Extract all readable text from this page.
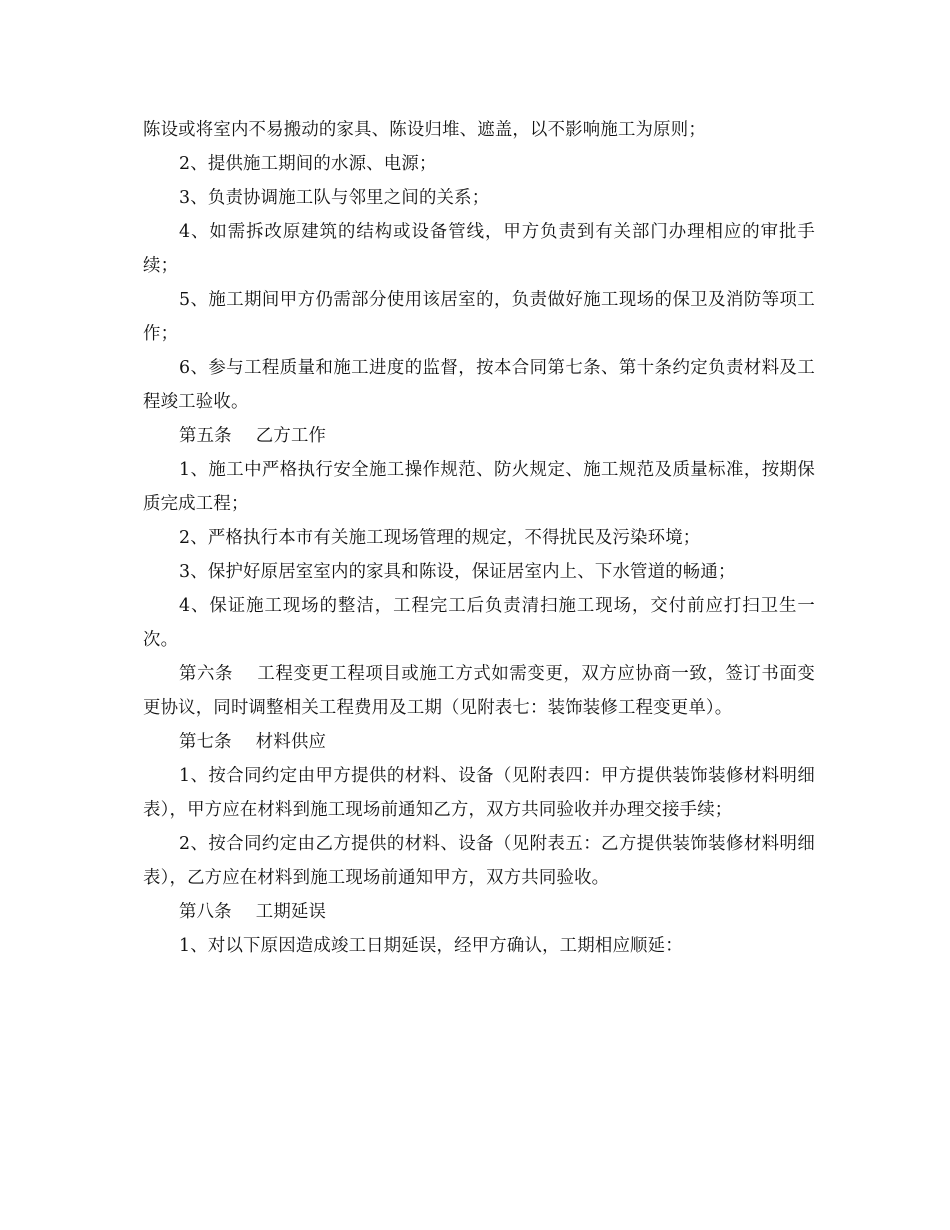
陈设或将室内不易搬动的家具、陈设归堆、遮盖，以不影响施工为原则；

2、提供施工期间的水源、电源；

3、负责协调施工队与邻里之间的关系；

4、如需拆改原建筑的结构或设备管线，甲方负责到有关部门办理相应的审批手续；

5、施工期间甲方仍需部分使用该居室的，负责做好施工现场的保卫及消防等项工作；

6、参与工程质量和施工进度的监督，按本合同第七条、第十条约定负责材料及工程竣工验收。

第五条 乙方工作

1、施工中严格执行安全施工操作规范、防火规定、施工规范及质量标准，按期保质完成工程；

2、严格执行本市有关施工现场管理的规定，不得扰民及污染环境；

3、保护好原居室室内的家具和陈设，保证居室内上、下水管道的畅通；

4、保证施工现场的整洁，工程完工后负责清扫施工现场，交付前应打扫卫生一次。

第六条 工程变更工程项目或施工方式如需变更，双方应协商一致，签订书面变更协议，同时调整相关工程费用及工期（见附表七：装饰装修工程变更单）。

第七条 材料供应

1、按合同约定由甲方提供的材料、设备（见附表四：甲方提供装饰装修材料明细表），甲方应在材料到施工现场前通知乙方，双方共同验收并办理交接手续；

2、按合同约定由乙方提供的材料、设备（见附表五：乙方提供装饰装修材料明细表），乙方应在材料到施工现场前通知甲方，双方共同验收。

第八条 工期延误

1、对以下原因造成竣工日期延误，经甲方确认，工期相应顺延：
